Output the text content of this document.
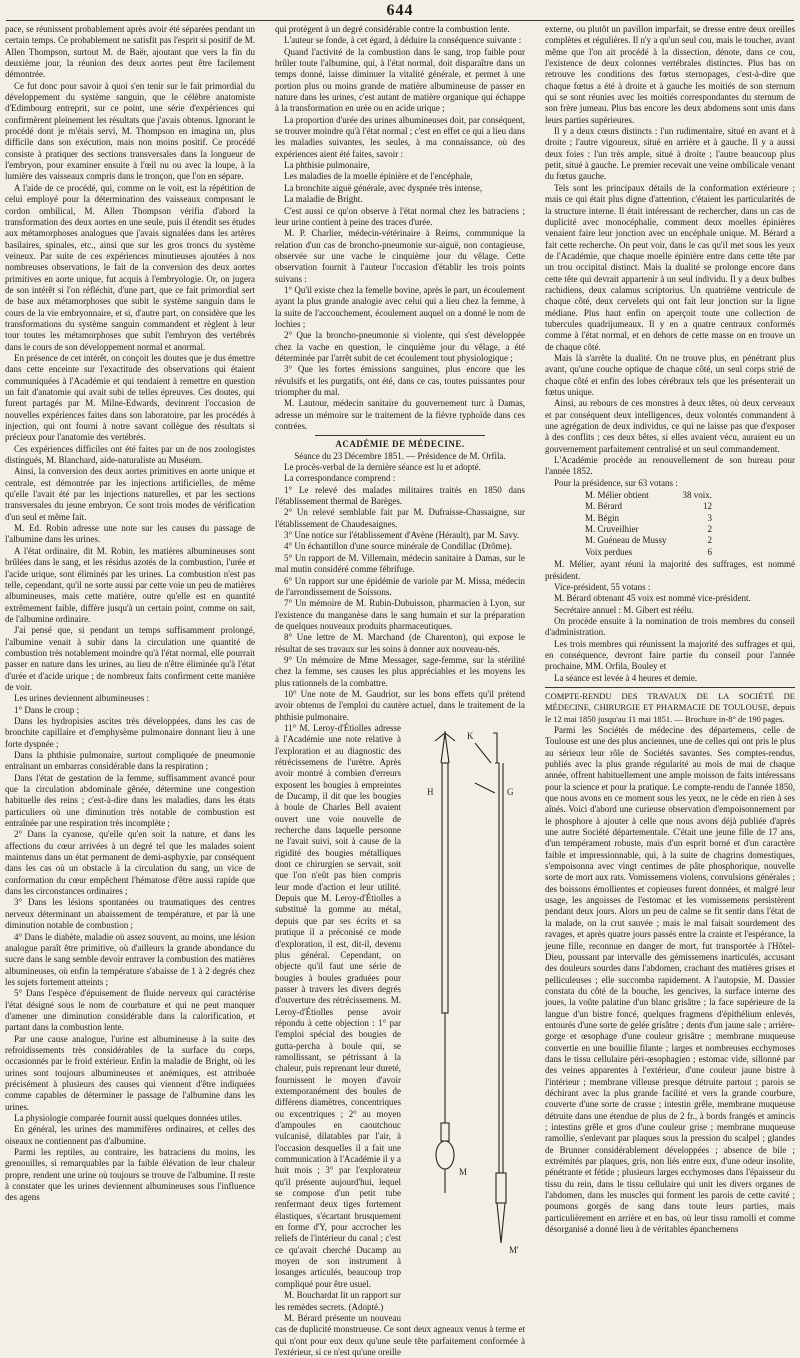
644

pace, se réunissent probablement après avoir été séparées pendant un certain temps. Ce probablement ne satisfit pas l'esprit si positif de M. Allen Thompson, surtout M. de Baër, ajoutant que vers la fin du deuxième jour, la réunion des deux aortes peut être facilement démontrée.

Ce fut donc pour savoir à quoi s'en tenir sur le fait primordial du développement du système sanguin, que le célèbre anatomiste d'Edimbourg entreprit, sur ce point, une série d'expériences qui confirmèrent pleinement les résultats que j'avais obtenus. Ignorant le procédé dont je m'étais servi, M. Thompson en imagina un, plus difficile dans son exécution, mais non moins positif. Ce procédé consiste à pratiquer des sections transversales dans la longueur de l'embryon, pour examiner ensuite à l'œil nu ou avec la loupe, à la lumière des vaisseaux compris dans le tronçon, que l'on en sépare.

A l'aide de ce procédé, qui, comme on le voit, est la répétition de celui employé pour la détermination des vaisseaux composant le cordon ombilical, M. Allen Thompson vérifia d'abord la transformation des deux aortes en une seule, puis il étendit ses études aux métamorphoses analogues que j'avais signalées dans les artères basilaires, spinales, etc., ainsi que sur les gros troncs du système veineux. Par suite de ces expériences minutieuses ajoutées à nos nombreuses observations, le fait de la conversion des deux aortes primitives en aorte unique, fut acquis à l'embryologie. Or, on jugera de son intérêt si l'on réfléchit, d'une part, que ce fait primordial sert de base aux métamorphoses que subit le système sanguin dans le cours de la vie embryonnaire, et si, d'autre part, on considère que les transformations du système sanguin commandent et règlent à leur tour toutes les métamorphoses que subit l'embryon des vertébrés dans le cours de son développement normal et anormal.

En présence de cet intérêt, on conçoit les doutes que je dus émettre dans cette enceinte sur l'exactitude des observations qui étaient communiquées à l'Académie et qui tendaient à remettre en question un fait d'anatomie qui avait subi de telles épreuves. Ces doutes, qui furent partagés par M. Milne-Edwards, devinrent l'occasion de nouvelles expériences faites dans son laboratoire, par les procédés à injection, qui ont fourni à notre savant collègue des résultats si précieux pour l'anatomie des vertébrés.

Ces expériences difficiles ont été faites par un de nos zoologistes distingués, M. Blanchard, aide-naturaliste au Muséum.

Ainsi, la conversion des deux aortes primitives en aorte unique et centrale, est démontrée par les injections artificielles, de même qu'elle l'avait été par les injections naturelles, et par les sections transversales du jeune embryon. Ce sont trois modes de vérification d'un seul et même fait.

M. Ed. Robin adresse une note sur les causes du passage de l'albumine dans les urines.

A l'état ordinaire, dit M. Robin, les matières albumineuses sont brûlées dans le sang, et les résidus azotés de la combustion, l'urée et l'acide urique, sont éliminés par les urines. La combustion n'est pas telle, cependant, qu'il ne sorte aussi par cette voie un peu de matières albumineuses, mais cette matière, outre qu'elle est en quantité extrêmement faible, diffère jusqu'à un certain point, comme on sait, de l'albumine ordinaire.

J'ai pensé que, si pendant un temps suffisamment prolongé, l'albumine venait à subir dans la circulation une quantité de combustion très notablement moindre qu'à l'état normal, elle pourrait passer en nature dans les urines, au lieu de n'être éliminée qu'à l'état d'urée et d'acide urique ; de nombreux faits confirment cette manière de voir.

Les urines deviennent albumineuses :

1° Dans le croup ;

Dans les hydropisies ascites très développées, dans les cas de bronchite capillaire et d'emphysème pulmonaire donnant lieu à une forte dyspnée ;

Dans la phthisie pulmonaire, surtout compliquée de pneumonie entraînant un embarras considérable dans la respiration ;

Dans l'état de gestation de la femme, suffisamment avancé pour que la circulation abdominale gênée, détermine une congestion habituelle des reins ; c'est-à-dire dans les maladies, dans les états particuliers où une diminution très notable de combustion est entraînée par une respiration très incomplète ;

2° Dans la cyanose, qu'elle qu'en soit la nature, et dans les affections du cœur arrivées à un degré tel que les malades soient maintenus dans un état permanent de demi-asphyxie, par conséquent dans les cas où un obstacle à la circulation du sang, un vice de conformation du cœur empêchent l'hématose d'être aussi rapide que dans les circonstances ordinaires ;

3° Dans les lésions spontanées ou traumatiques des centres nerveux déterminant un abaissement de température, et par là une diminution notable de combustion ;

4° Dans le diabète, maladie où assez souvent, au moins, une lésion analogue paraît être primitive, où d'ailleurs la grande abondance du sucre dans le sang semble devoir entraver la combustion des matières albumineuses, où enfin la température s'abaisse de 1 à 2 degrés chez les sujets fortement atteints ;

5° Dans l'espèce d'épuisement de fluide nerveux qui caractérise l'état désigné sous le nom de courbature et qui ne peut manquer d'amener une diminution considérable dans la calorification, et partant dans la combustion lente.

Par une cause analogue, l'urine est albumineuse à la suite des refroidissements très considérables de la surface du corps, occasionnés par le froid extérieur. Enfin la maladie de Bright, où les urines sont toujours albumineuses et anémiques, est attribuée précisément à plusieurs des causes qui viennent d'être indiquées comme capables de déterminer le passage de l'albumine dans les urines.

La physiologie comparée fournit aussi quelques données utiles.

En général, les urines des mammifères ordinaires, et celles des oiseaux ne contiennent pas d'albumine.

Parmi les reptiles, au contraire, les batraciens du moins, les grenouilles, si remarquables par la faible élévation de leur chaleur propre, rendent une urine où toujours se trouve de l'albumine. Il reste à constater que les urines deviennent albumineuses sous l'influence des agens

qui protègent à un degré considérable contre la combustion lente.

L'auteur se fonde, à cet égard, à déduire la conséquence suivante :

Quand l'activité de la combustion dans le sang, trop faible pour brûler toute l'albumine, qui, à l'état normal, doit disparaître dans un temps donné, laisse diminuer la vitalité générale, et permet à une portion plus ou moins grande de matière albumineuse de passer en nature dans les urines, c'est autant de matière organique qui échappe à la transformation en urée ou en acide urique ;

La proportion d'urée des urines albumineuses doit, par conséquent, se trouver moindre qu'à l'état normal ; c'est en effet ce qui a lieu dans les maladies suivantes, les seules, à ma connaissance, où des expériences aient été faites, savoir :

La phthisie pulmonaire,

Les maladies de la moelle épinière et de l'encéphale,

La bronchite aiguë générale, avec dyspnée très intense,

La maladie de Bright.

C'est aussi ce qu'on observe à l'état normal chez les batraciens ; leur urine contient à peine des traces d'urée.

M. P. Charlier, médecin-vétérinaire à Reims, communique la relation d'un cas de broncho-pneumonie sur-aiguë, non contagieuse, observée sur une vache le cinquième jour du vêlage. Cette observation fournit à l'auteur l'occasion d'établir les trois points suivans :

1° Qu'il existe chez la femelle bovine, après le part, un écoulement ayant la plus grande analogie avec celui qui a lieu chez la femme, à la suite de l'accouchement, écoulement auquel on a donné le nom de lochies ;

2° Que la broncho-pneumonie si violente, qui s'est développée chez la vache en question, le cinquième jour du vêlage, a été déterminée par l'arrêt subit de cet écoulement tout physiologique ;

3° Que les fortes émissions sanguines, plus encore que les révulsifs et les purgatifs, ont été, dans ce cas, toutes puissantes pour triompher du mal.

M. Lautour, médecin sanitaire du gouvernement turc à Damas, adresse un mémoire sur le traitement de la fièvre typhoïde dans ces contrées.

ACADÉMIE DE MÉDECINE.

Séance du 23 Décembre 1851. — Présidence de M. Orfila.

Le procès-verbal de la dernière séance est lu et adopté.

La correspondance comprend :

1° Le relevé des malades militaires traités en 1850 dans l'établissement thermal de Barèges.

2° Un relevé semblable fait par M. Dufraisse-Chassaigne, sur l'établissement de Chaudesaignes.

3° Une notice sur l'établissement d'Avène (Hérault), par M. Savy.

4° Un échantillon d'une source minérale de Condillac (Drôme).

5° Un rapport de M. Villemain, médecin sanitaire à Damas, sur le mal mutin considéré comme fébrifuge.

6° Un rapport sur une épidémie de variole par M. Missa, médecin de l'arrondissement de Soissons.

7° Un mémoire de M. Rubin-Dubuisson, pharmacien à Lyon, sur l'existence du manganèse dans le sang humain et sur la préparation de quelques nouveaux produits pharmaceutiques.

8° Une lettre de M. Marchand (de Charenton), qui expose le résultat de ses travaux sur les soins à donner aux nouveau-nés.

9° Un mémoire de Mme Messager, sage-femme, sur la stérilité chez la femme, ses causes les plus appréciables et les moyens les plus rationnels de la combattre.

10° Une note de M. Gaudriot, sur les bons effets qu'il prétend avoir obtenus de l'emploi du cautère actuel, dans le traitement de la phthisie pulmonaire.

K
H	G
M
M'

11° M. Leroy-d'Étiolles adresse à l'Académie une note relative à l'exploration et au diagnostic des rétrécissemens de l'urètre. Après avoir montré à combien d'erreurs exposent les bougies à empreintes de Ducamp, il dit que les bougies à boule de Charles Bell avaient ouvert une voie nouvelle de recherche dans laquelle personne ne l'avait suivi, soit à cause de la rigidité des bougies métalliques dont ce chirurgien se servait, soit que l'on n'eût pas bien compris leur mode d'action et leur utilité. Depuis que M. Leroy-d'Étiolles a substitué la gomme au métal, depuis que par ses écrits et sa pratique il a préconisé ce mode d'exploration, il est, dit-il, devenu plus général. Cependant, on objecte qu'il faut une série de bougies à boules graduées pour passer à travers les divers degrés d'ouverture des rétrécissemens. M. Leroy-d'Étiolles pense avoir répondu à cette objection : 1° par l'emploi spécial des bougies de gutta-percha à boule qui, se ramollissant, se pétrissant à la chaleur, puis reprenant leur dureté, fournissent le moyen d'avoir extemporanément des boules de différens diamètres, concentriques ou excentriques ; 2° au moyen d'ampoules en caoutchouc vulcanisé, dilatables par l'air, à l'occasion desquelles il a fait une communication à l'Académie il y a huit mois ; 3° par l'explorateur qu'il présente aujourd'hui, lequel se compose d'un petit tube renfermant deux tiges fortement élastiques, s'écartant brusquement en forme d'Y, pour accrocher les reliefs de l'intérieur du canal ; c'est ce qu'avait cherché Ducamp au moyen de son instrument à losanges articulés, beaucoup trop compliqué pour être usuel.

M. Bouchardat lit un rapport sur les remèdes secrets. (Adopté.)

M. Bérard présente un nouveau cas de duplicité monstrueuse. Ce sont deux agneaux venus à terme et qui n'ont pour eux deux qu'une seule tête parfaitement conformée à l'extérieur, si ce n'est qu'une oreille

externe, ou plutôt un pavillon imparfait, se dresse entre deux oreilles complètes et régulières. Il n'y a qu'un seul cou, mais le toucher, avant même que l'on ait procédé à la dissection, dénote, dans ce cou, l'existence de deux colonnes vertébrales distinctes. Plus bas on retrouve les conditions des fœtus sternopages, c'est-à-dire que chaque fœtus a été à droite et à gauche les moitiés de son sternum qui se sont réunies avec les moitiés correspondantes du sternum de son frère jumeau. Plus bas encore les deux abdomens sont unis dans leurs parties supérieures.

Il y a deux cœurs distincts : l'un rudimentaire, situé en avant et à droite ; l'autre vigoureux, situé en arrière et à gauche. Il y a aussi deux foies : l'un très ample, situé à droite ; l'autre beaucoup plus petit, situé à gauche. Le premier recevait une veine ombilicale venant du fœtus gauche.

Tels sont les principaux détails de la conformation extérieure ; mais ce qui était plus digne d'attention, c'étaient les particularités de la structure interne. Il était intéressant de rechercher, dans un cas de duplicité avec monocéphalie, comment deux moelles épinières venaient faire leur jonction avec un encéphale unique. M. Bérard a fait cette recherche. On peut voir, dans le cas qu'il met sous les yeux de l'Académie, que chaque moelle épinière entre dans cette tête par un trou occipital distinct. Mais la dualité se prolonge encore dans cette tête qui devrait appartenir à un seul individu. Il y a deux bulbes rachidiens, deux calamus scriptorius. Un quatrième ventricule de chaque côté, deux cervelets qui ont fait leur jonction sur la ligne médiane. Plus haut enfin on aperçoit toute une collection de tubercules quadrijumeaux. Il y en a quatre centraux conformés comme à l'état normal, et en dehors de cette masse on en trouve un de chaque côté.

Mais là s'arrête la dualité. On ne trouve plus, en pénétrant plus avant, qu'une couche optique de chaque côté, un seul corps strié de chaque côté et enfin des lobes cérébraux tels que les présenterait un fœtus unique.

Ainsi, au rebours de ces monstres à deux têtes, où deux cerveaux et par conséquent deux intelligences, deux volontés commandent à une agrégation de deux individus, ce qui ne laisse pas que d'exposer à des conflits ; ces deux bêtes, si elles avaient vécu, auraient eu un gouvernement parfaitement centralisé et un seul commandement.

L'Académie procède au renouvellement de son bureau pour l'année 1852.

Pour la présidence, sur 63 votans :

M. Mélier obtient	38 voix.
M. Bérard	12
M. Bégin	3
M. Cruveilhier	2
M. Guéneau de Mussy	2
Voix perdues	6

M. Mélier, ayant réuni la majorité des suffrages, est nommé président.

Vice-président, 55 votans :

M. Bérard obtenant 45 voix est nommé vice-président.

Secrétaire annuel : M. Gibert est réélu.

On procède ensuite à la nomination de trois membres du conseil d'administration.

Les trois membres qui réunissent la majorité des suffrages et qui, en conséquence, devront faire partie du conseil pour l'année prochaine, MM. Orfila, Bouley et

La séance est levée à 4 heures et demie.

COMPTE-RENDU DES TRAVAUX DE LA SOCIÉTÉ DE MÉDECINE, CHIRURGIE ET PHARMACIE DE TOULOUSE, depuis le 12 mai 1850 jusqu'au 11 mai 1851. — Brochure in-8° de 190 pages.

Parmi les Sociétés de médecine des départemens, celle de Toulouse est une des plus anciennes, une de celles qui ont pris le plus au sérieux leur rôle de Sociétés savantes. Ses comptes-rendus, publiés avec la plus grande régularité au mois de mai de chaque année, offrent habituellement une ample moisson de faits intéressans pour la science et pour la pratique. Le compte-rendu de l'année 1850, que nous avons en ce moment sous les yeux, ne le cède en rien à ses aînés. Voici d'abord une curieuse observation d'empoisonnement par le phosphore à ajouter à celle que nous avons déjà publiée d'après une autre Société départementale. C'était une jeune fille de 17 ans, d'un tempérament robuste, mais d'un esprit borné et d'un caractère faible et impressionnable, qui, à la suite de chagrins domestiques, s'empoisonna avec vingt centimes de pâte phosphorique, nouvelle sorte de mort aux rats. Vomissemens violens, convulsions générales ; des boissons émollientes et copieuses furent données, et malgré leur usage, les angoisses de l'estomac et les vomissemens persistèrent pendant deux jours. Alors un peu de calme se fit sentir dans l'état de la malade, on la crut sauvée ; mais le mal faisait sourdement des ravages, et après quatre jours passés entre la crainte et l'espérance, la jeune fille, reconnue en danger de mort, fut transportée à l'Hôtel-Dieu, poussant par intervalle des gémissemens inarticulés, accusant des douleurs sourdes dans l'abdomen, crachant des matières grises et pelliculeuses ; elle succomba rapidement. A l'autopsie, M. Dassier constata du côté de la bouche, les gencives, la surface interne des joues, la voûte palatine d'un blanc grisâtre ; la face supérieure de la langue d'un bistre foncé, quelques fragmens d'épithélium enlevés, entourés d'une sorte de gelée grisâtre ; dents d'un jaune sale ; arrière-gorge et œsophage d'une couleur grisâtre ; membrane muqueuse convertie en une bouillie filante ; larges et nombreuses ecchymoses dans le tissu cellulaire péri-œsophagien ; estomac vide, sillonné par des veines apparentes à l'extérieur, d'une couleur jaune bistre à l'intérieur ; membrane villeuse presque détruite partout ; parois se déchirant avec la plus grande facilité et vers la grande courbure, couverte d'une sorte de crasse ; intestin grêle, membrane muqueuse détruite dans une étendue de plus de 2 fr., à bords frangés et amincis ; intestins grêle et gros d'une couleur grise ; membrane muqueuse ramollie, s'enlevant par plaques sous la pression du scalpel ; glandes de Brunner considérablement développées ; absence de bile ; extrémités par plaques, gris, non liés entre eux, d'une odeur insolite, pénétrante et fétide ; plusieurs larges ecchymoses dans l'épaisseur du tissu du rein, dans le tissu cellulaire qui unit les divers organes de l'abdomen, dans les muscles qui forment les parois de cette cavité ; poumons gorgés de sang dans toute leurs parties, mais particulièrement en arrière et en bas, où leur tissu ramolli et comme désorganisé a donné lieu à de véritables épanchemens
